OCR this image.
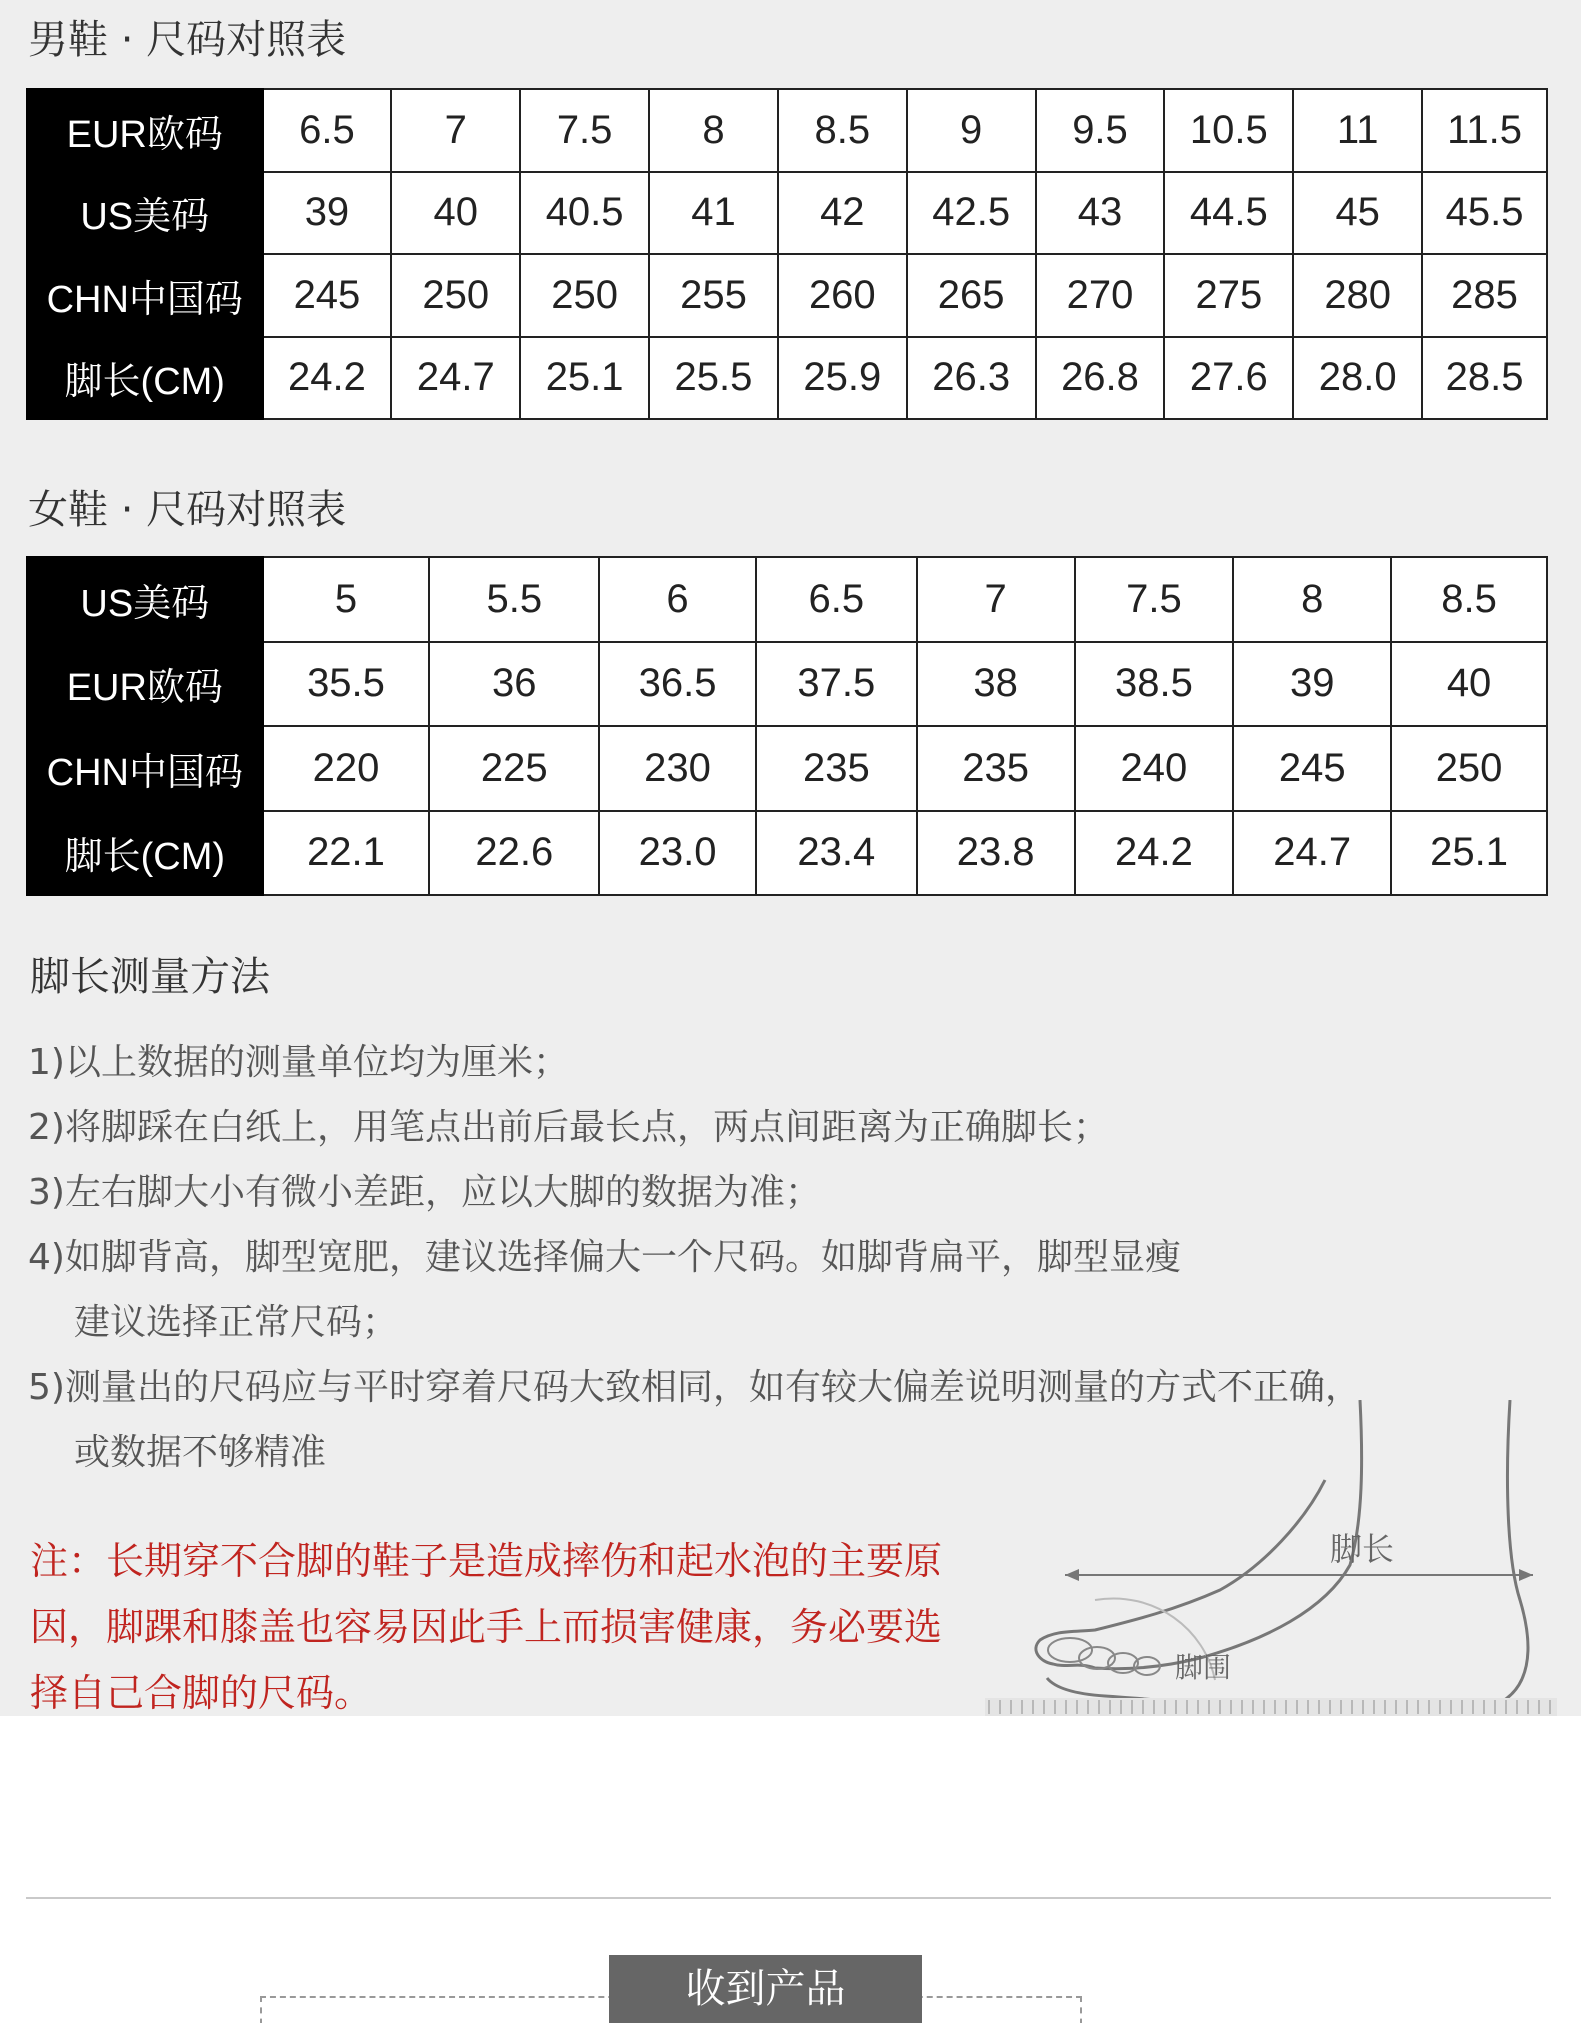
男鞋 · 尺码对照表
EUR欧码	6.5	7	7.5	8	8.5	9	9.5	10.5	11	11.5
US美码	39	40	40.5	41	42	42.5	43	44.5	45	45.5
CHN中国码	245	250	250	255	260	265	270	275	280	285
脚长(CM)	24.2	24.7	25.1	25.5	25.9	26.3	26.8	27.6	28.0	28.5
女鞋 · 尺码对照表
US美码	5	5.5	6	6.5	7	7.5	8	8.5
EUR欧码	35.5	36	36.5	37.5	38	38.5	39	40
CHN中国码	220	225	230	235	235	240	245	250
脚长(CM)	22.1	22.6	23.0	23.4	23.8	24.2	24.7	25.1
脚长测量方法
1)以上数据的测量单位均为厘米；
2)将脚踩在白纸上，用笔点出前后最长点，两点间距离为正确脚长；
3)左右脚大小有微小差距，应以大脚的数据为准；
4)如脚背高，脚型宽肥，建议选择偏大一个尺码。如脚背扁平，脚型显瘦
建议选择正常尺码；
5)测量出的尺码应与平时穿着尺码大致相同，如有较大偏差说明测量的方式不正确，
或数据不够精准
注：长期穿不合脚的鞋子是造成摔伤和起水泡的主要原因，脚踝和膝盖也容易因此手上而损害健康，务必要选择自己合脚的尺码。
脚长
脚围
收到产品
